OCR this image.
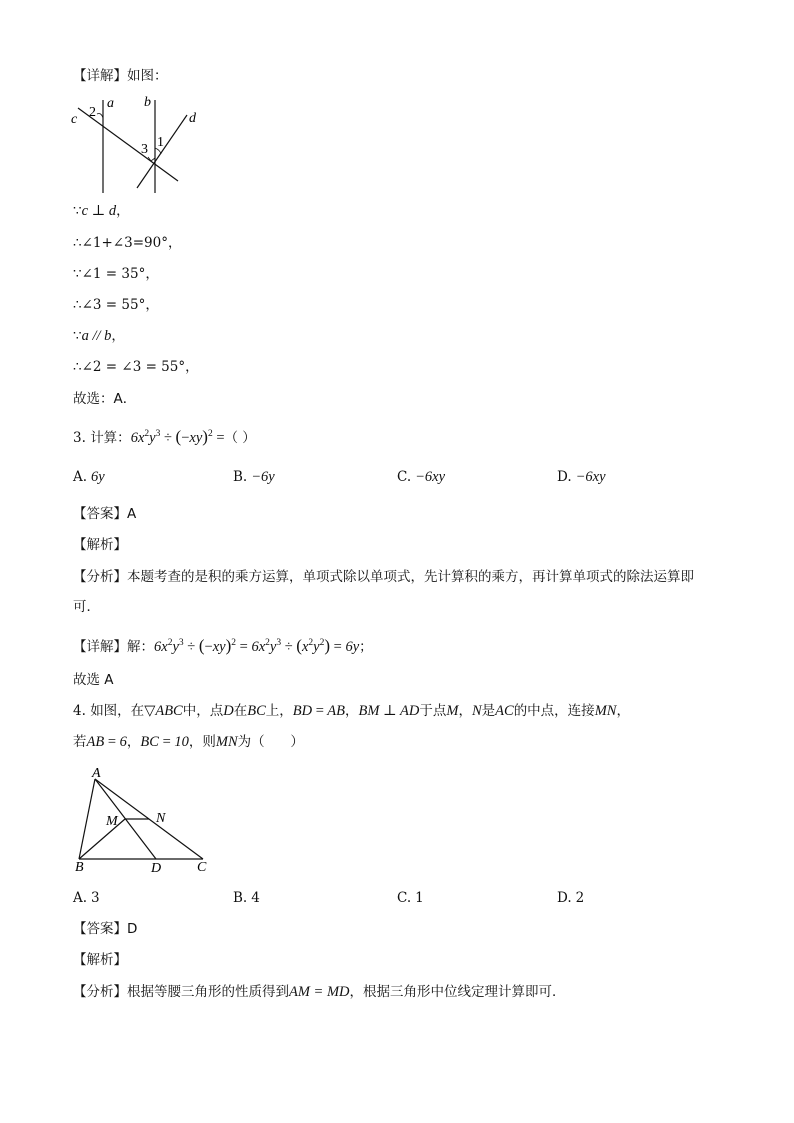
【详解】如图：
a b
c	d
2
1
3
∵c ⊥ d，
∴∠1+∠3=90°，
∵∠1 = 35°，
∴∠3 = 55°，
∵a // b，
∴∠2 = ∠3 = 55°，
故选：A．
3. 计算：$6x^2y^3 \div (-xy)^2$ =（ ）
A. 6y	B. −6y	C. −6xy	D. −6xy
【答案】A
【解析】
【分析】本题考查的是积的乘方运算，单项式除以单项式，先计算积的乘方，再计算单项式的除法运算即
可．
【详解】解：$6x^2y^3 \div (-xy)^2 = 6x^2y^3 \div (x^2y^2) = 6y$；
故选 A
4. 如图，在▽ABC中，点D在BC上，BD = AB，BM ⊥ AD于点M，N是AC的中点，连接MN，
若AB = 6，BC = 10，则MN为（      ）
A
B	C
D
M	N
A. 3	B. 4	C. 1	D. 2
【答案】D
【解析】
【分析】根据等腰三角形的性质得到AM = MD，根据三角形中位线定理计算即可．
